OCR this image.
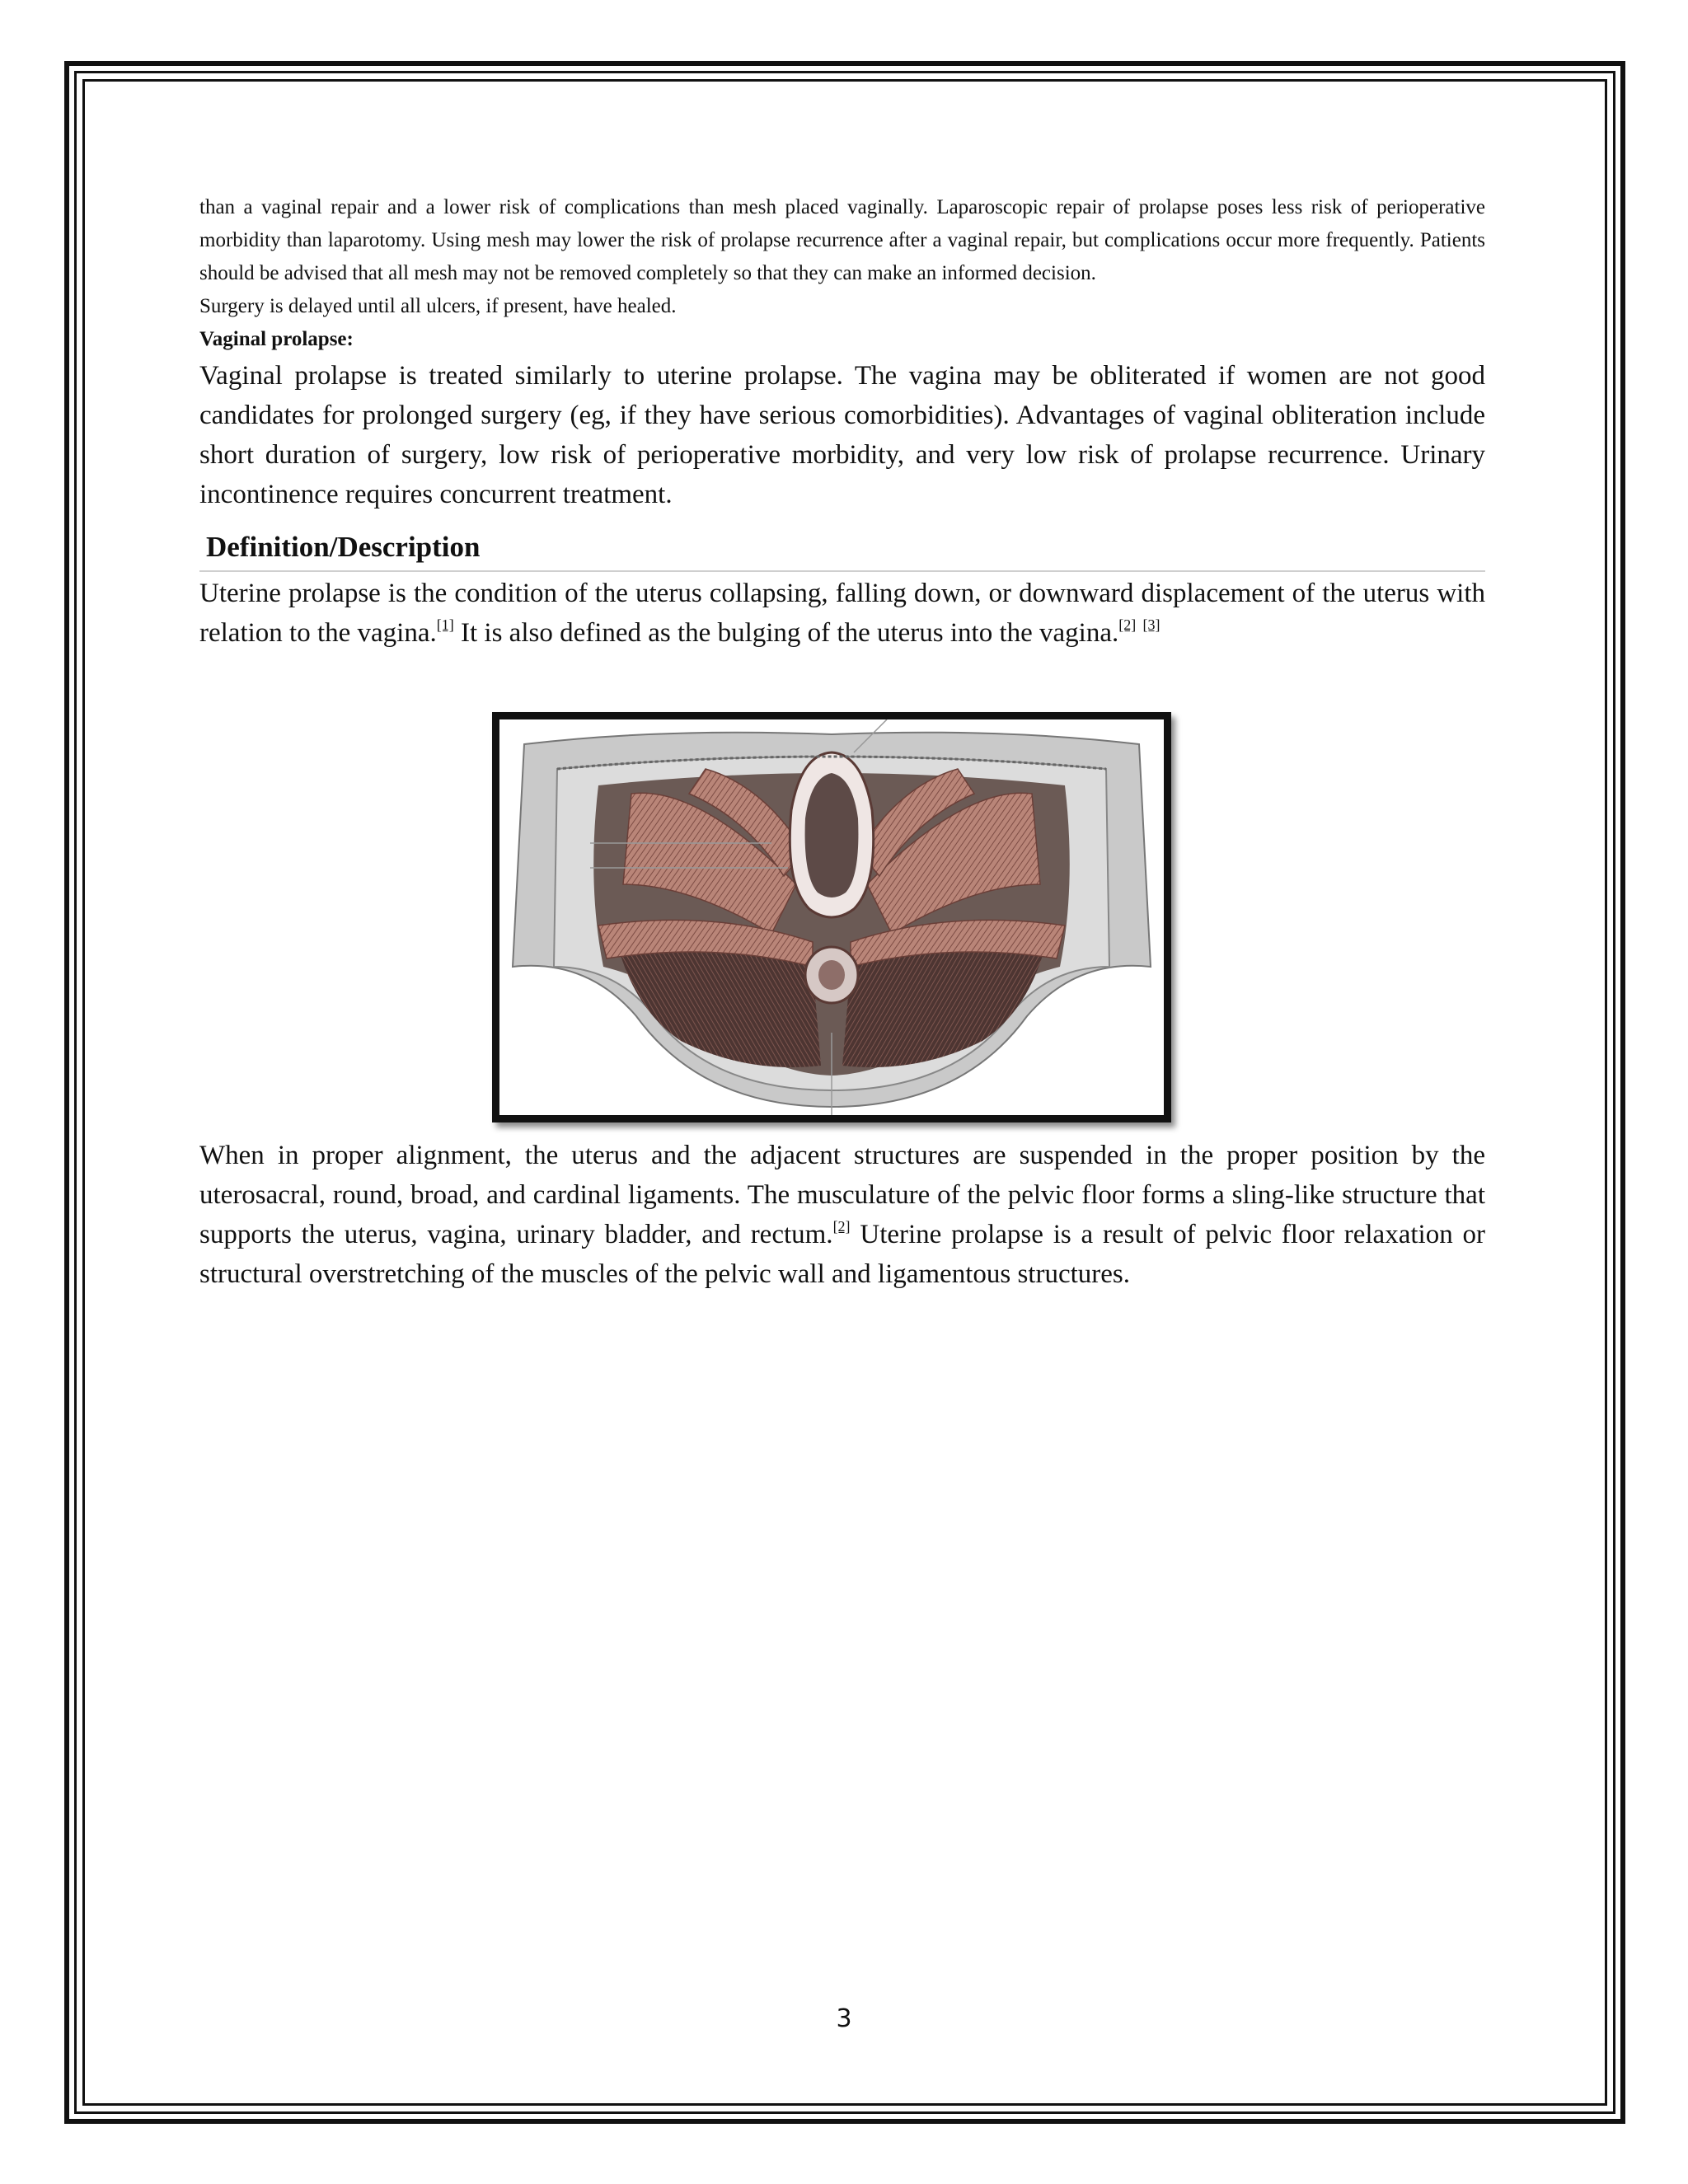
than a vaginal repair and a lower risk of complications than mesh placed vaginally. Laparoscopic repair of prolapse poses less risk of perioperative morbidity than laparotomy. Using mesh may lower the risk of prolapse recurrence after a vaginal repair, but complications occur more frequently. Patients should be advised that all mesh may not be removed completely so that they can make an informed decision.

Surgery is delayed until all ulcers, if present, have healed.

Vaginal prolapse:

Vaginal prolapse is treated similarly to uterine prolapse. The vagina may be obliterated if women are not good candidates for prolonged surgery (eg, if they have serious comorbidities). Advantages of vaginal obliteration include short duration of surgery, low risk of perioperative morbidity, and very low risk of prolapse recurrence. Urinary incontinence requires concurrent treatment.

Definition/Description

Uterine prolapse is the condition of the uterus collapsing, falling down, or downward displacement of the uterus with relation to the vagina.[1] It is also defined as the bulging of the uterus into the vagina.[2] [3]

When in proper alignment, the uterus and the adjacent structures are suspended in the proper position by the uterosacral, round, broad, and cardinal ligaments. The musculature of the pelvic floor forms a sling-like structure that supports the uterus, vagina, urinary bladder, and rectum.[2] Uterine prolapse is a result of pelvic floor relaxation or structural overstretching of the muscles of the pelvic wall and ligamentous structures.

3
